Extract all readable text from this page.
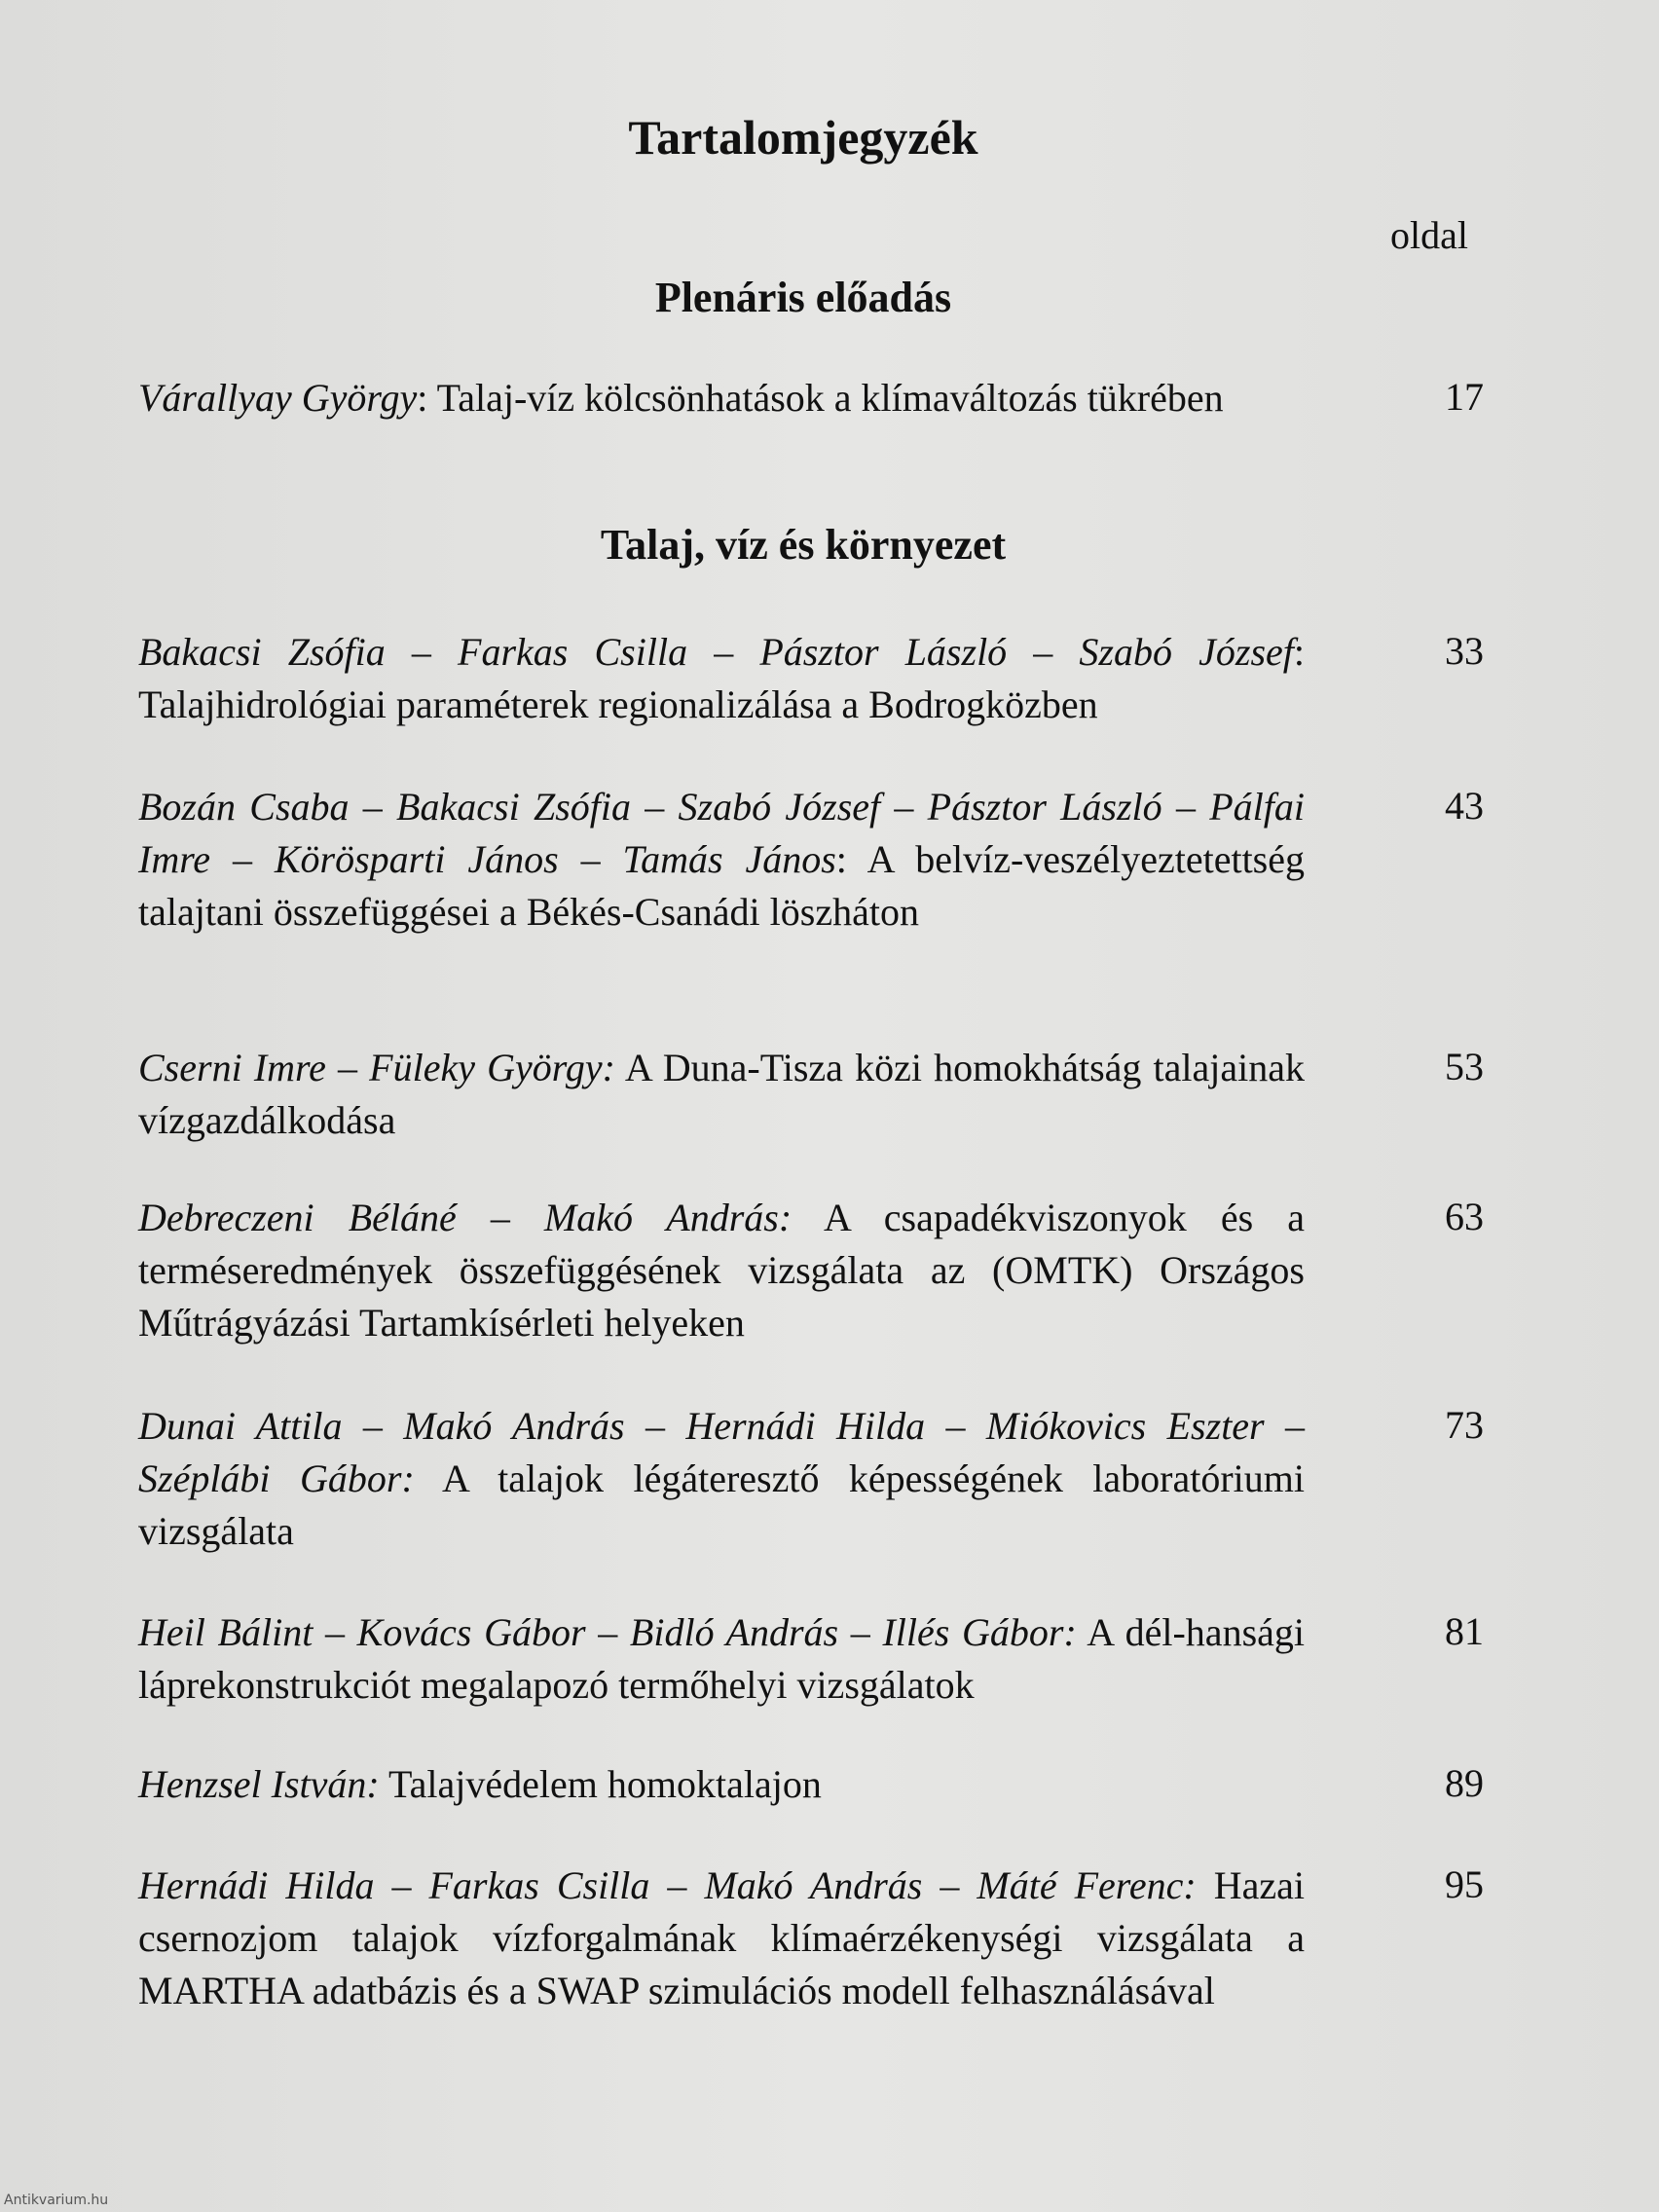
Tartalomjegyzék
oldal
Plenáris előadás
Várallyay György: Talaj-víz kölcsönhatások a klímaváltozás tükrében	17
Talaj, víz és környezet
Bakacsi Zsófia – Farkas Csilla – Pásztor László – Szabó József: Talajhidrológiai paraméterek regionalizálása a Bodrogközben
33
Bozán Csaba – Bakacsi Zsófia – Szabó József – Pásztor László – Pálfai Imre – Körösparti János – Tamás János: A belvíz-veszélyeztetettség talajtani összefüggései a Békés-Csanádi löszháton
43
Cserni Imre – Füleky György: A Duna-Tisza közi homokhátság talajainak vízgazdálkodása
53
Debreczeni Béláné – Makó András: A csapadékviszonyok és a terméseredmények összefüggésének vizsgálata az (OMTK) Országos Műtrágyázási Tartamkísérleti helyeken
63
Dunai Attila – Makó András – Hernádi Hilda – Miókovics Eszter – Széplábi Gábor: A talajok légáteresztő képességének laboratóriumi vizsgálata
73
Heil Bálint – Kovács Gábor – Bidló András – Illés Gábor: A dél-hansági láprekonstrukciót megalapozó termőhelyi vizsgálatok
81
Henzsel István: Talajvédelem homoktalajon	89
Hernádi Hilda – Farkas Csilla – Makó András – Máté Ferenc: Hazai csernozjom talajok vízforgalmának klímaérzékenységi vizsgálata a MARTHA adatbázis és a SWAP szimulációs modell felhasználásával
95
Antikvarium.hu
